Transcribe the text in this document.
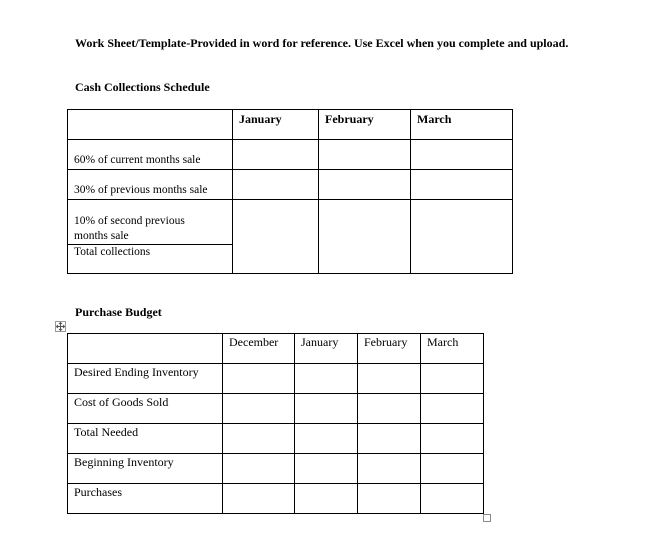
Work Sheet/Template-Provided in word for reference. Use Excel when you complete and upload.

Cash Collections Schedule

	January	February	March
60% of current months sale			
30% of previous months sale			
10% of second previous months sale			
Total collections			

Purchase Budget

	December	January	February	March
Desired Ending Inventory				
Cost of Goods Sold				
Total Needed				
Beginning Inventory				
Purchases				
